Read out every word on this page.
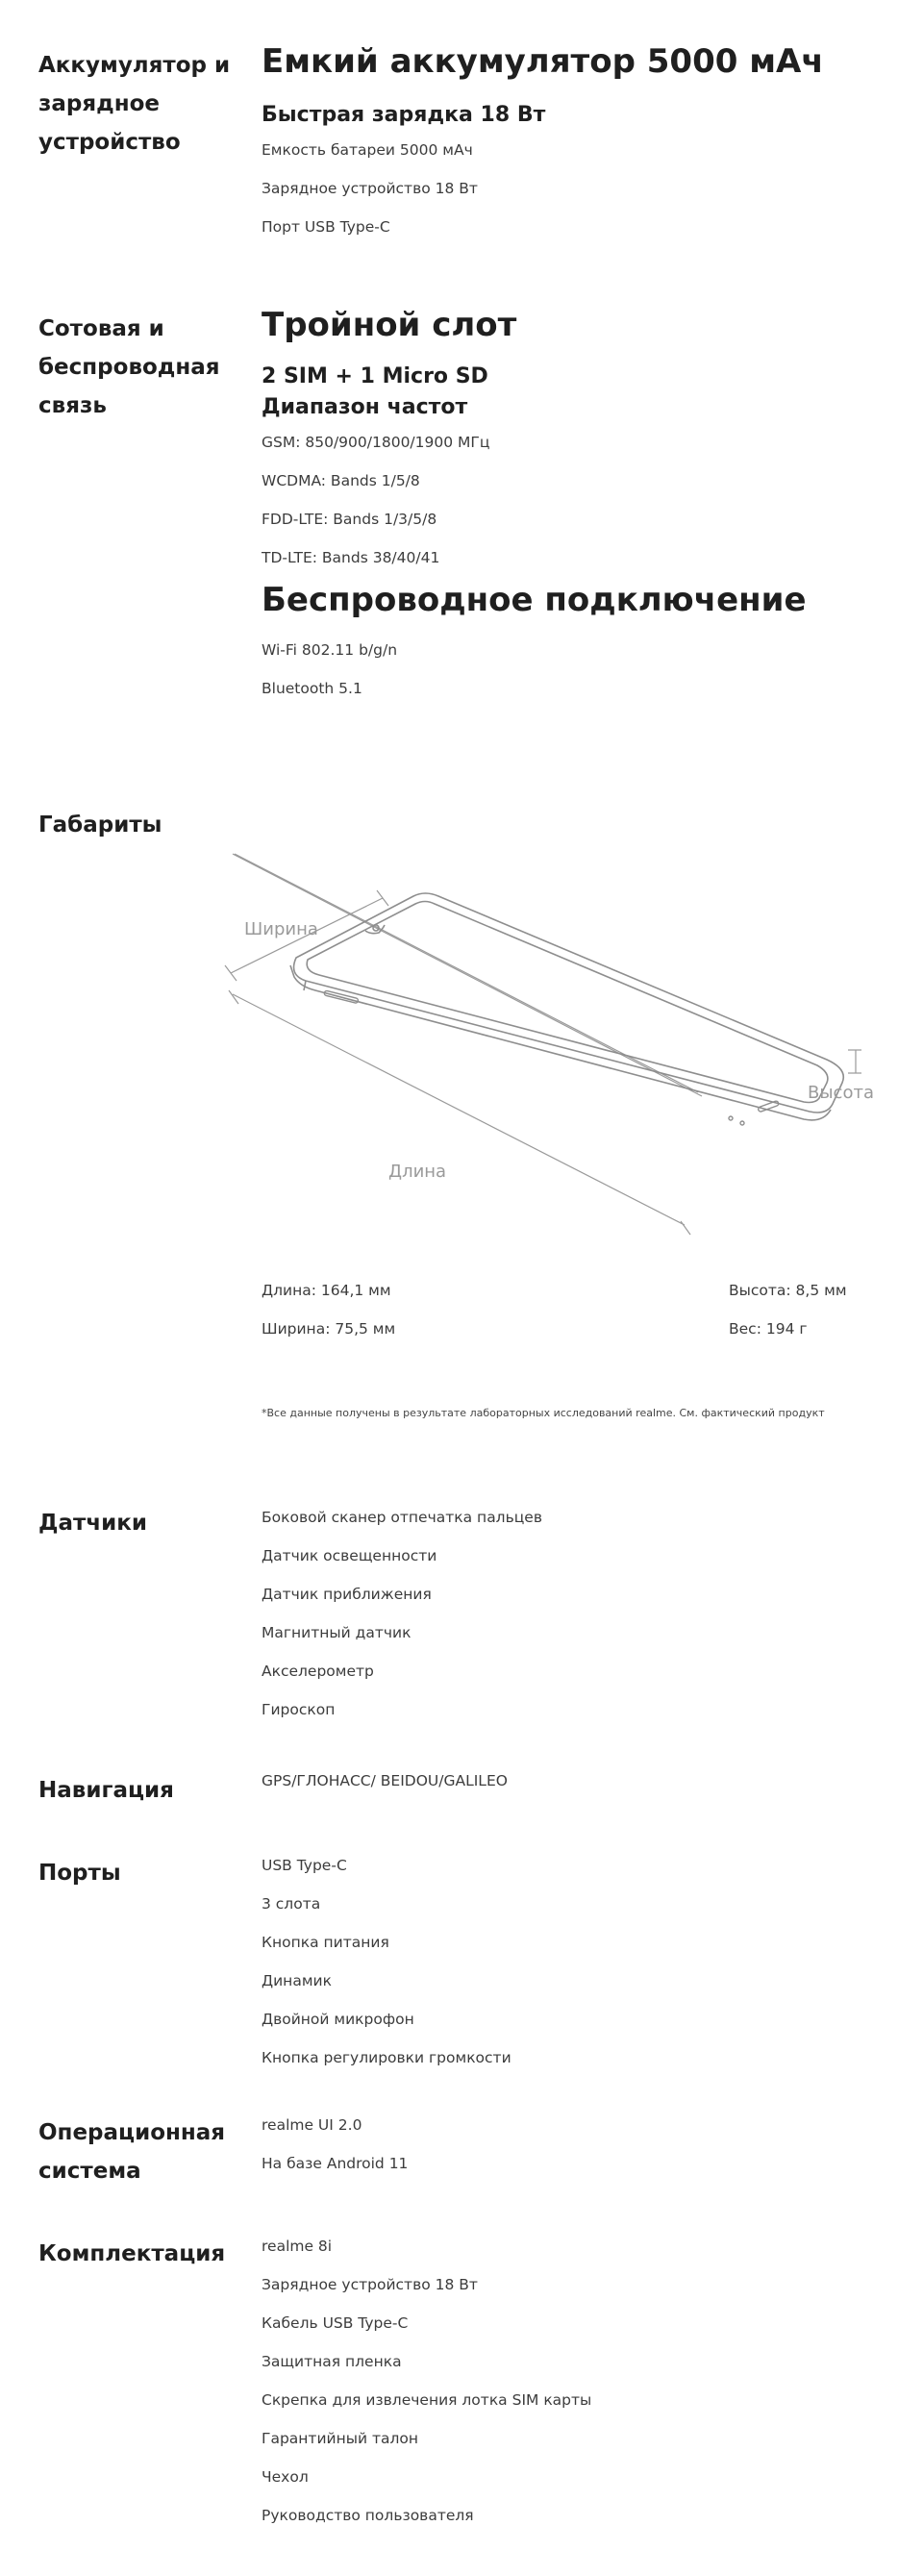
Аккумулятор и
зарядное
устройство
Емкий аккумулятор 5000 мАч
Быстрая зарядка 18 Вт
Емкость батареи 5000 мАч
Зарядное устройство 18 Вт
Порт USB Type-C
Сотовая и
беспроводная
связь
Тройной слот
2 SIM + 1 Micro SD
Диапазон частот
GSM: 850/900/1800/1900 МГц
WCDMA: Bands 1/5/8
FDD-LTE: Bands 1/3/5/8
TD-LTE: Bands 38/40/41
Беспроводное подключение
Wi-Fi 802.11 b/g/n
Bluetooth 5.1
Габариты
Ширина
Высота
Длина
Длина: 164,1 мм
Ширина: 75,5 мм
Высота: 8,5 мм
Вес: 194 г
*Все данные получены в результате лабораторных исследований realme. См. фактический продукт
Датчики	Боковой сканер отпечатка пальцев
Датчик освещенности
Датчик приближения
Магнитный датчик
Акселерометр
Гироскоп
Навигация	GPS/ГЛОНАСС/ BEIDOU/GALILEO
Порты	USB Type-C
3 слота
Кнопка питания
Динамик
Двойной микрофон
Кнопка регулировки громкости
Операционная
система
realme UI 2.0
На базе Android 11
Комплектация	realme 8i
Зарядное устройство 18 Вт
Кабель USB Type-C
Защитная пленка
Скрепка для извлечения лотка SIM карты
Гарантийный талон
Чехол
Руководство пользователя
